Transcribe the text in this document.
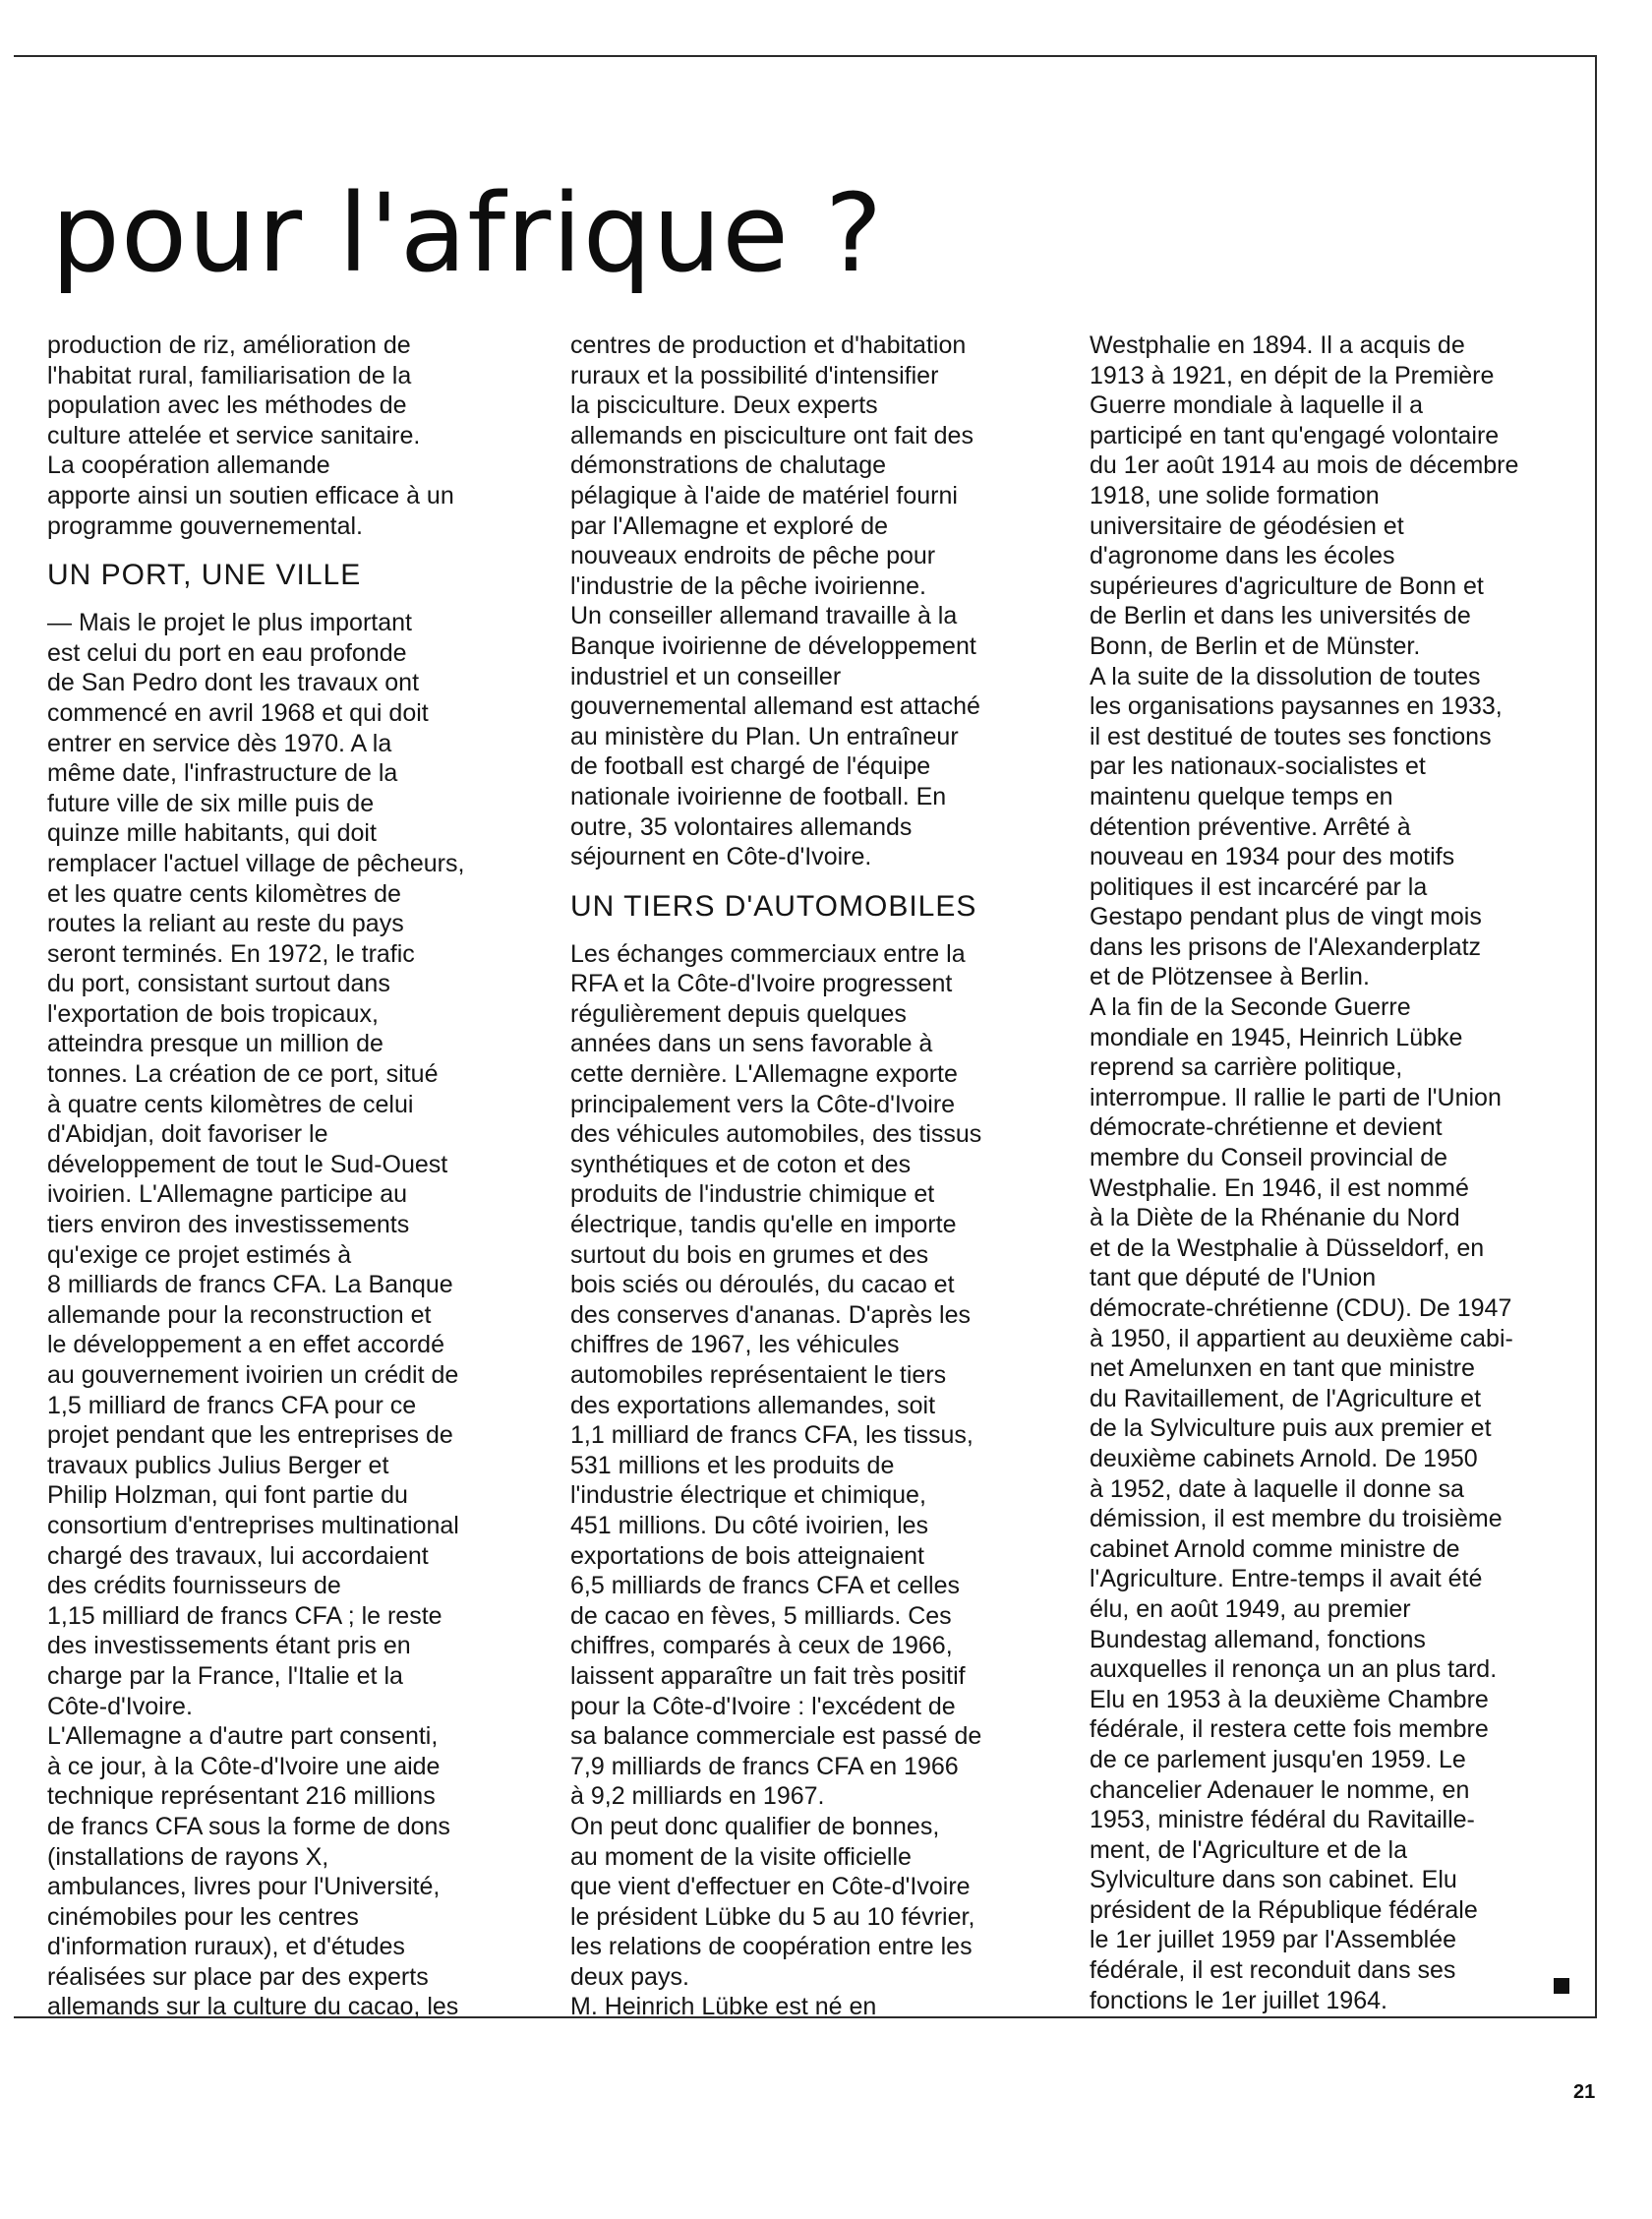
pour l'afrique ?
production de riz, amélioration de
l'habitat rural, familiarisation de la
population avec les méthodes de
culture attelée et service sanitaire.
La coopération allemande
apporte ainsi un soutien efficace à un
programme gouvernemental.
UN PORT, UNE VILLE
— Mais le projet le plus important
est celui du port en eau profonde
de San Pedro dont les travaux ont
commencé en avril 1968 et qui doit
entrer en service dès 1970. A la
même date, l'infrastructure de la
future ville de six mille puis de
quinze mille habitants, qui doit
remplacer l'actuel village de pêcheurs,
et les quatre cents kilomètres de
routes la reliant au reste du pays
seront terminés. En 1972, le trafic
du port, consistant surtout dans
l'exportation de bois tropicaux,
atteindra presque un million de
tonnes. La création de ce port, situé
à quatre cents kilomètres de celui
d'Abidjan, doit favoriser le
développement de tout le Sud-Ouest
ivoirien. L'Allemagne participe au
tiers environ des investissements
qu'exige ce projet estimés à
8 milliards de francs CFA. La Banque
allemande pour la reconstruction et
le développement a en effet accordé
au gouvernement ivoirien un crédit de
1,5 milliard de francs CFA pour ce
projet pendant que les entreprises de
travaux publics Julius Berger et
Philip Holzman, qui font partie du
consortium d'entreprises multinational
chargé des travaux, lui accordaient
des crédits fournisseurs de
1,15 milliard de francs CFA ; le reste
des investissements étant pris en
charge par la France, l'Italie et la
Côte-d'Ivoire.
L'Allemagne a d'autre part consenti,
à ce jour, à la Côte-d'Ivoire une aide
technique représentant 216 millions
de francs CFA sous la forme de dons
(installations de rayons X,
ambulances, livres pour l'Université,
cinémobiles pour les centres
d'information ruraux), et d'études
réalisées sur place par des experts
allemands sur la culture du cacao, les
centres de production et d'habitation
ruraux et la possibilité d'intensifier
la pisciculture. Deux experts
allemands en pisciculture ont fait des
démonstrations de chalutage
pélagique à l'aide de matériel fourni
par l'Allemagne et exploré de
nouveaux endroits de pêche pour
l'industrie de la pêche ivoirienne.
Un conseiller allemand travaille à la
Banque ivoirienne de développement
industriel et un conseiller
gouvernemental allemand est attaché
au ministère du Plan. Un entraîneur
de football est chargé de l'équipe
nationale ivoirienne de football. En
outre, 35 volontaires allemands
séjournent en Côte-d'Ivoire.
UN TIERS D'AUTOMOBILES
Les échanges commerciaux entre la
RFA et la Côte-d'Ivoire progressent
régulièrement depuis quelques
années dans un sens favorable à
cette dernière. L'Allemagne exporte
principalement vers la Côte-d'Ivoire
des véhicules automobiles, des tissus
synthétiques et de coton et des
produits de l'industrie chimique et
électrique, tandis qu'elle en importe
surtout du bois en grumes et des
bois sciés ou déroulés, du cacao et
des conserves d'ananas. D'après les
chiffres de 1967, les véhicules
automobiles représentaient le tiers
des exportations allemandes, soit
1,1 milliard de francs CFA, les tissus,
531 millions et les produits de
l'industrie électrique et chimique,
451 millions. Du côté ivoirien, les
exportations de bois atteignaient
6,5 milliards de francs CFA et celles
de cacao en fèves, 5 milliards. Ces
chiffres, comparés à ceux de 1966,
laissent apparaître un fait très positif
pour la Côte-d'Ivoire : l'excédent de
sa balance commerciale est passé de
7,9 milliards de francs CFA en 1966
à 9,2 milliards en 1967.
On peut donc qualifier de bonnes,
au moment de la visite officielle
que vient d'effectuer en Côte-d'Ivoire
le président Lübke du 5 au 10 février,
les relations de coopération entre les
deux pays.
M. Heinrich Lübke est né en
Westphalie en 1894. Il a acquis de
1913 à 1921, en dépit de la Première
Guerre mondiale à laquelle il a
participé en tant qu'engagé volontaire
du 1er août 1914 au mois de décembre
1918, une solide formation
universitaire de géodésien et
d'agronome dans les écoles
supérieures d'agriculture de Bonn et
de Berlin et dans les universités de
Bonn, de Berlin et de Münster.
A la suite de la dissolution de toutes
les organisations paysannes en 1933,
il est destitué de toutes ses fonctions
par les nationaux-socialistes et
maintenu quelque temps en
détention préventive. Arrêté à
nouveau en 1934 pour des motifs
politiques il est incarcéré par la
Gestapo pendant plus de vingt mois
dans les prisons de l'Alexanderplatz
et de Plötzensee à Berlin.
A la fin de la Seconde Guerre
mondiale en 1945, Heinrich Lübke
reprend sa carrière politique,
interrompue. Il rallie le parti de l'Union
démocrate-chrétienne et devient
membre du Conseil provincial de
Westphalie. En 1946, il est nommé
à la Diète de la Rhénanie du Nord
et de la Westphalie à Düsseldorf, en
tant que député de l'Union
démocrate-chrétienne (CDU). De 1947
à 1950, il appartient au deuxième cabi-
net Amelunxen en tant que ministre
du Ravitaillement, de l'Agriculture et
de la Sylviculture puis aux premier et
deuxième cabinets Arnold. De 1950
à 1952, date à laquelle il donne sa
démission, il est membre du troisième
cabinet Arnold comme ministre de
l'Agriculture. Entre-temps il avait été
élu, en août 1949, au premier
Bundestag allemand, fonctions
auxquelles il renonça un an plus tard.
Elu en 1953 à la deuxième Chambre
fédérale, il restera cette fois membre
de ce parlement jusqu'en 1959. Le
chancelier Adenauer le nomme, en
1953, ministre fédéral du Ravitaille-
ment, de l'Agriculture et de la
Sylviculture dans son cabinet. Elu
président de la République fédérale
le 1er juillet 1959 par l'Assemblée
fédérale, il est reconduit dans ses
fonctions le 1er juillet 1964.
21
